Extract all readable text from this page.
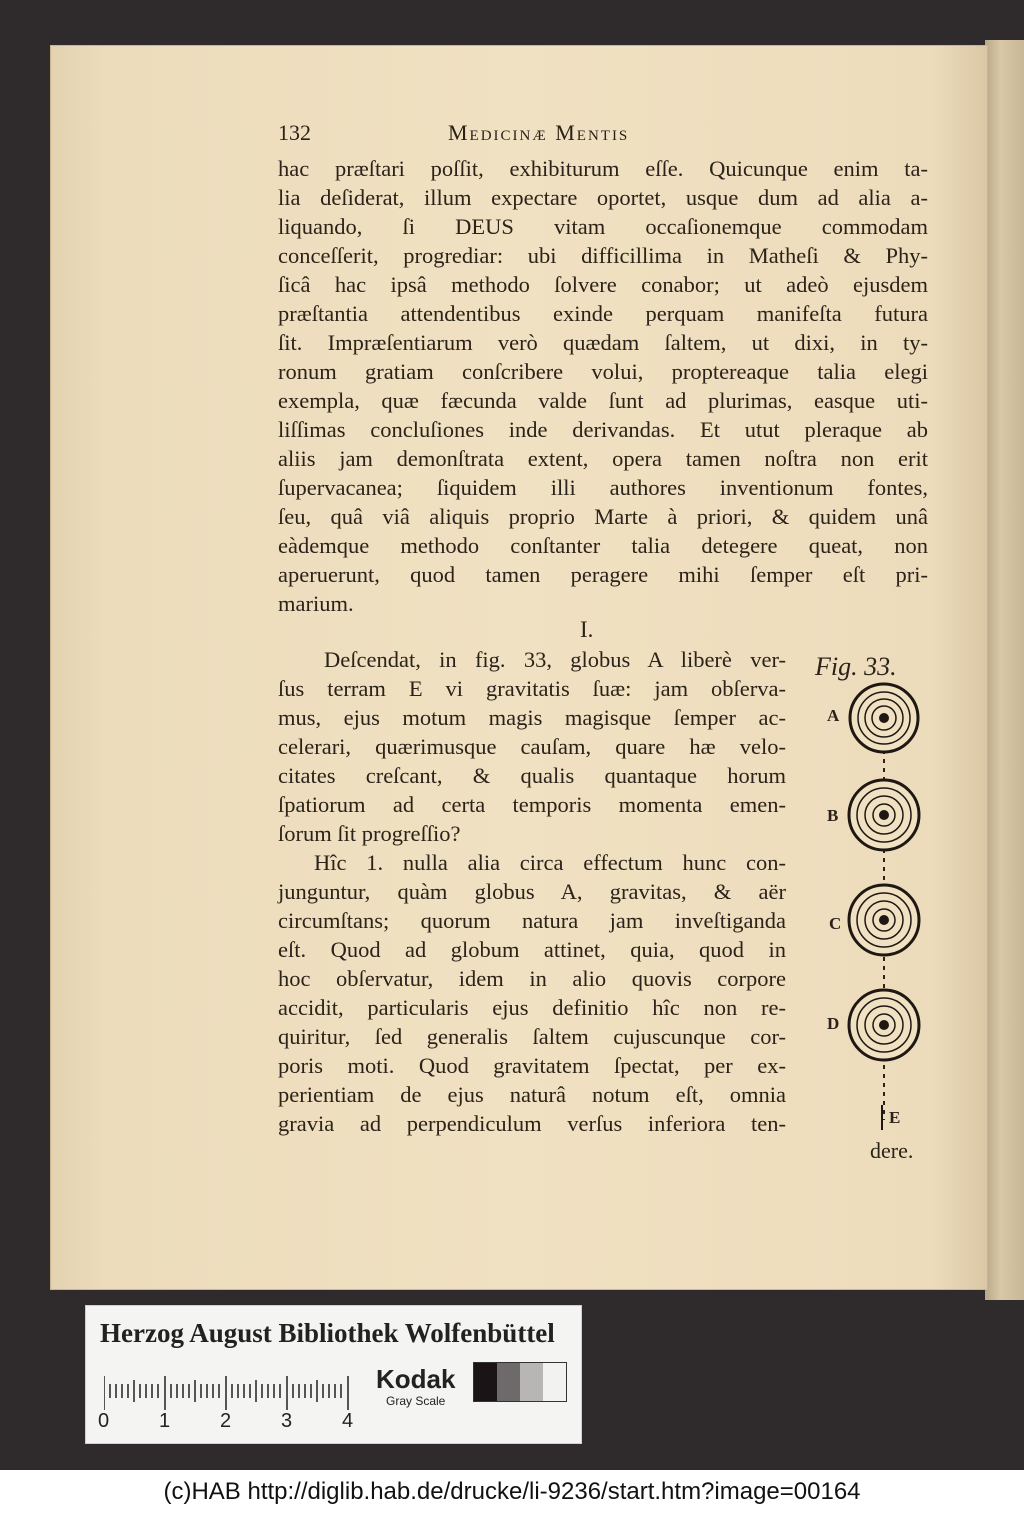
132	Medicinæ Mentis
hac præſtari poſſit, exhibiturum eſſe. Quicunque enim ta-
lia deſiderat, illum expectare oportet, usque dum ad alia a-
liquando, ſi DEUS vitam occaſionemque commodam
conceſſerit, progrediar: ubi difficillima in Matheſi & Phy-
ſicâ hac ipsâ methodo ſolvere conabor; ut adeò ejusdem
præſtantia attendentibus exinde perquam manifeſta futura
ſit. Impræſentiarum verò quædam ſaltem, ut dixi, in ty-
ronum gratiam conſcribere volui, proptereaque talia elegi
exempla, quæ fæcunda valde ſunt ad plurimas, easque uti-
liſſimas concluſiones inde derivandas. Et utut pleraque ab
aliis jam demonſtrata extent, opera tamen noſtra non erit
ſupervacanea; ſiquidem illi authores inventionum fontes,
ſeu, quâ viâ aliquis proprio Marte à priori, & quidem unâ
eàdemque methodo conſtanter talia detegere queat, non
aperuerunt, quod tamen peragere mihi ſemper eſt pri-
marium.
I.
Deſcendat, in fig. 33, globus A liberè ver-
ſus terram E vi gravitatis ſuæ: jam obſerva-
mus, ejus motum magis magisque ſemper ac-
celerari, quærimusque cauſam, quare hæ velo-
citates creſcant, & qualis quantaque horum
ſpatiorum ad certa temporis momenta emen-
ſorum ſit progreſſio?
Hîc 1. nulla alia circa effectum hunc con-
junguntur, quàm globus A, gravitas, & aër
circumſtans; quorum natura jam inveſtiganda
eſt. Quod ad globum attinet, quia, quod in
hoc obſervatur, idem in alio quovis corpore
accidit, particularis ejus definitio hîc non re-
quiritur, ſed generalis ſaltem cujuscunque cor-
poris moti. Quod gravitatem ſpectat, per ex-
perientiam de ejus naturâ notum eſt, omnia
gravia ad perpendiculum verſus inferiora ten-
Fig. 33.
A
B
C
D
E
dere.
Herzog August Bibliothek Wolfenbüttel
0 1 2 3 4
Kodak
Gray Scale
(c)HAB http://diglib.hab.de/drucke/li-9236/start.htm?image=00164
